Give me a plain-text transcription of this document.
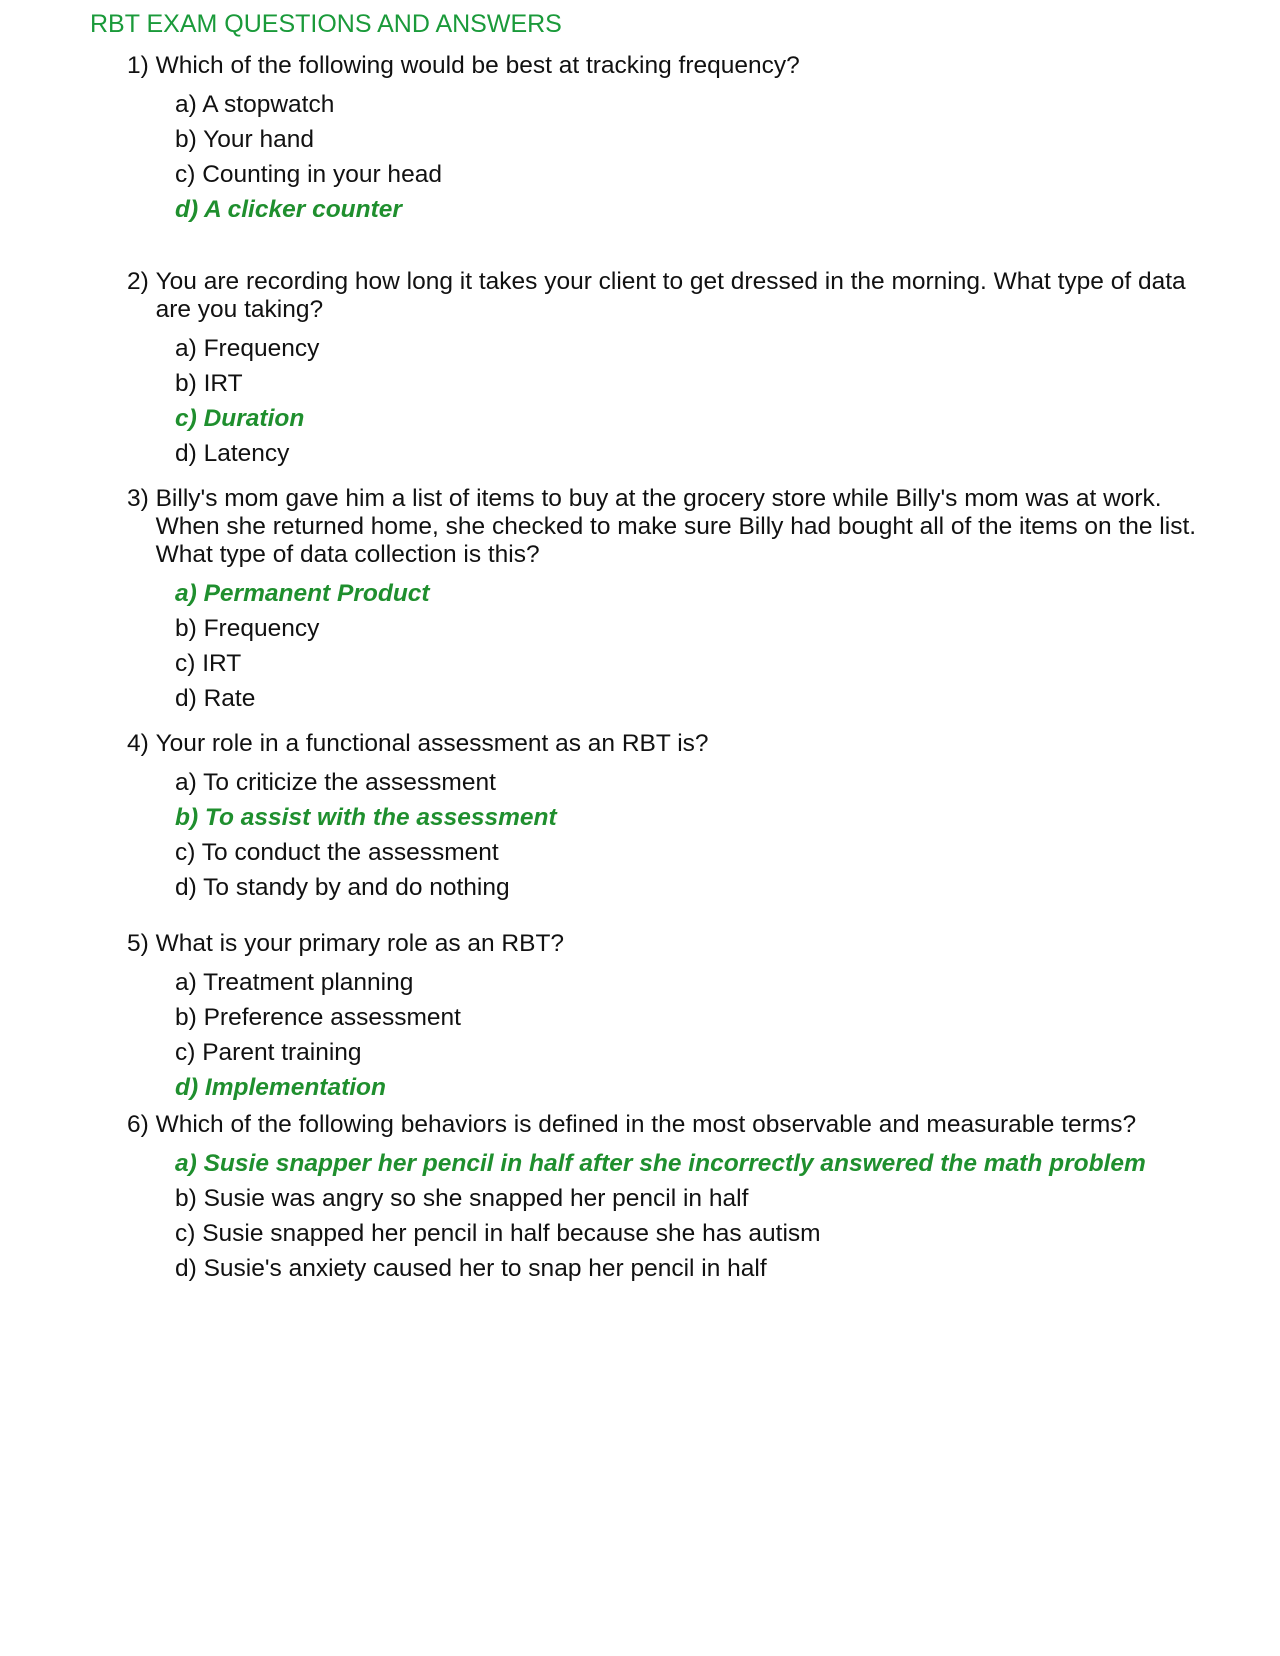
RBT EXAM QUESTIONS AND ANSWERS
1) Which of the following would be best at tracking frequency?
a) A stopwatch
b) Your hand
c) Counting in your head
d) A clicker counter
2) You are recording how long it takes your client to get dressed in the morning. What type of data are you taking?
a) Frequency
b) IRT
c) Duration
d) Latency
3) Billy's mom gave him a list of items to buy at the grocery store while Billy's mom was at work. When she returned home, she checked to make sure Billy had bought all of the items on the list. What type of data collection is this?
a) Permanent Product
b) Frequency
c) IRT
d) Rate
4) Your role in a functional assessment as an RBT is?
a) To criticize the assessment
b) To assist with the assessment
c) To conduct the assessment
d) To standy by and do nothing
5) What is your primary role as an RBT?
a) Treatment planning
b) Preference assessment
c) Parent training
d) Implementation
6) Which of the following behaviors is defined in the most observable and measurable terms?
a) Susie snapper her pencil in half after she incorrectly answered the math problem
b) Susie was angry so she snapped her pencil in half
c) Susie snapped her pencil in half because she has autism
d) Susie's anxiety caused her to snap her pencil in half
